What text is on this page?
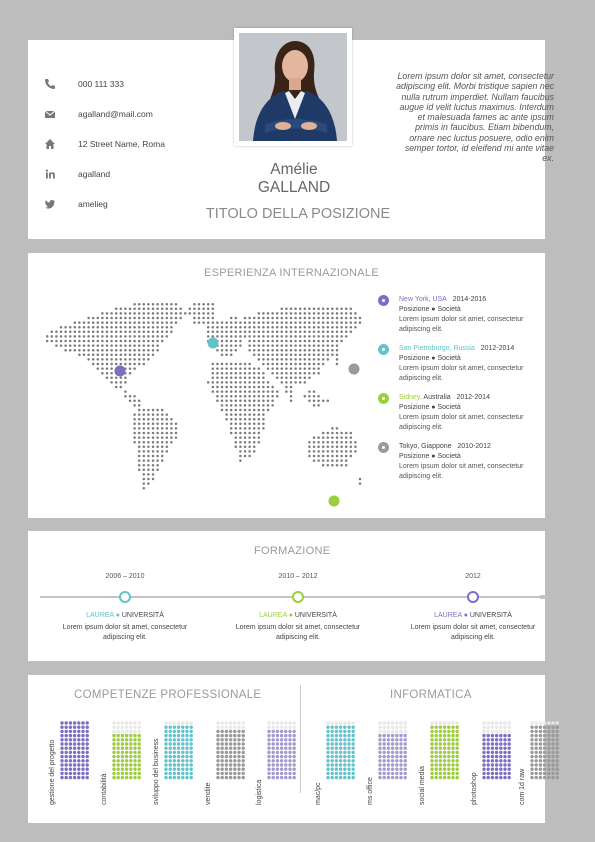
000 111 333
agalland@mail.com
12 Street Name, Roma
agalland
amelieg
Amélie
GALLAND
TITOLO DELLA POSIZIONE
Lorem ipsum dolor sit amet, consectetur adipiscing elit. Morbi tristique sapien nec nulla rutrum imperdiet. Nullam faucibus augue id velit luctus maximus. Interdum et malesuada fames ac ante ipsum primis in faucibus. Etiam bibendum, ornare nec luctus posuere, odio enim semper tortor, id eleifend mi ante vitae ex.
ESPERIENZA INTERNAZIONALE
New York, USA 2014-2016
Posizione ● Società
Lorem ipsum dolor sit amet, consectetur adipiscing elit.
San Pietroburgo, Russia 2012-2014
Posizione ● Società
Lorem ipsum dolor sit amet, consectetur adipiscing elit.
Sidney, Australia 2012-2014
Posizione ● Società
Lorem ipsum dolor sit amet, consectetur adipiscing elit.
Tokyo, Giappone 2010-2012
Posizione ● Società
Lorem ipsum dolor sit amet, consectetur adipiscing elit.
FORMAZIONE
2006 – 2010
LAUREA ● UNIVERSITÀ
Lorem ipsum dolor sit amet, consectetur adipiscing elit.
2010 – 2012
LAUREA ● UNIVERSITÀ
Lorem ipsum dolor sit amet, consectetur adipiscing elit.
2012
LAUREA ● UNIVERSITÀ
Lorem ipsum dolor sit amet, consectetur adipiscing elit.
COMPETENZE PROFESSIONALE	INFORMATICA
gestione del progetto	contabilità	sviluppo del business	vendite	logistica	mac/pc	ms office	social media	photoshop	com 1d raw
